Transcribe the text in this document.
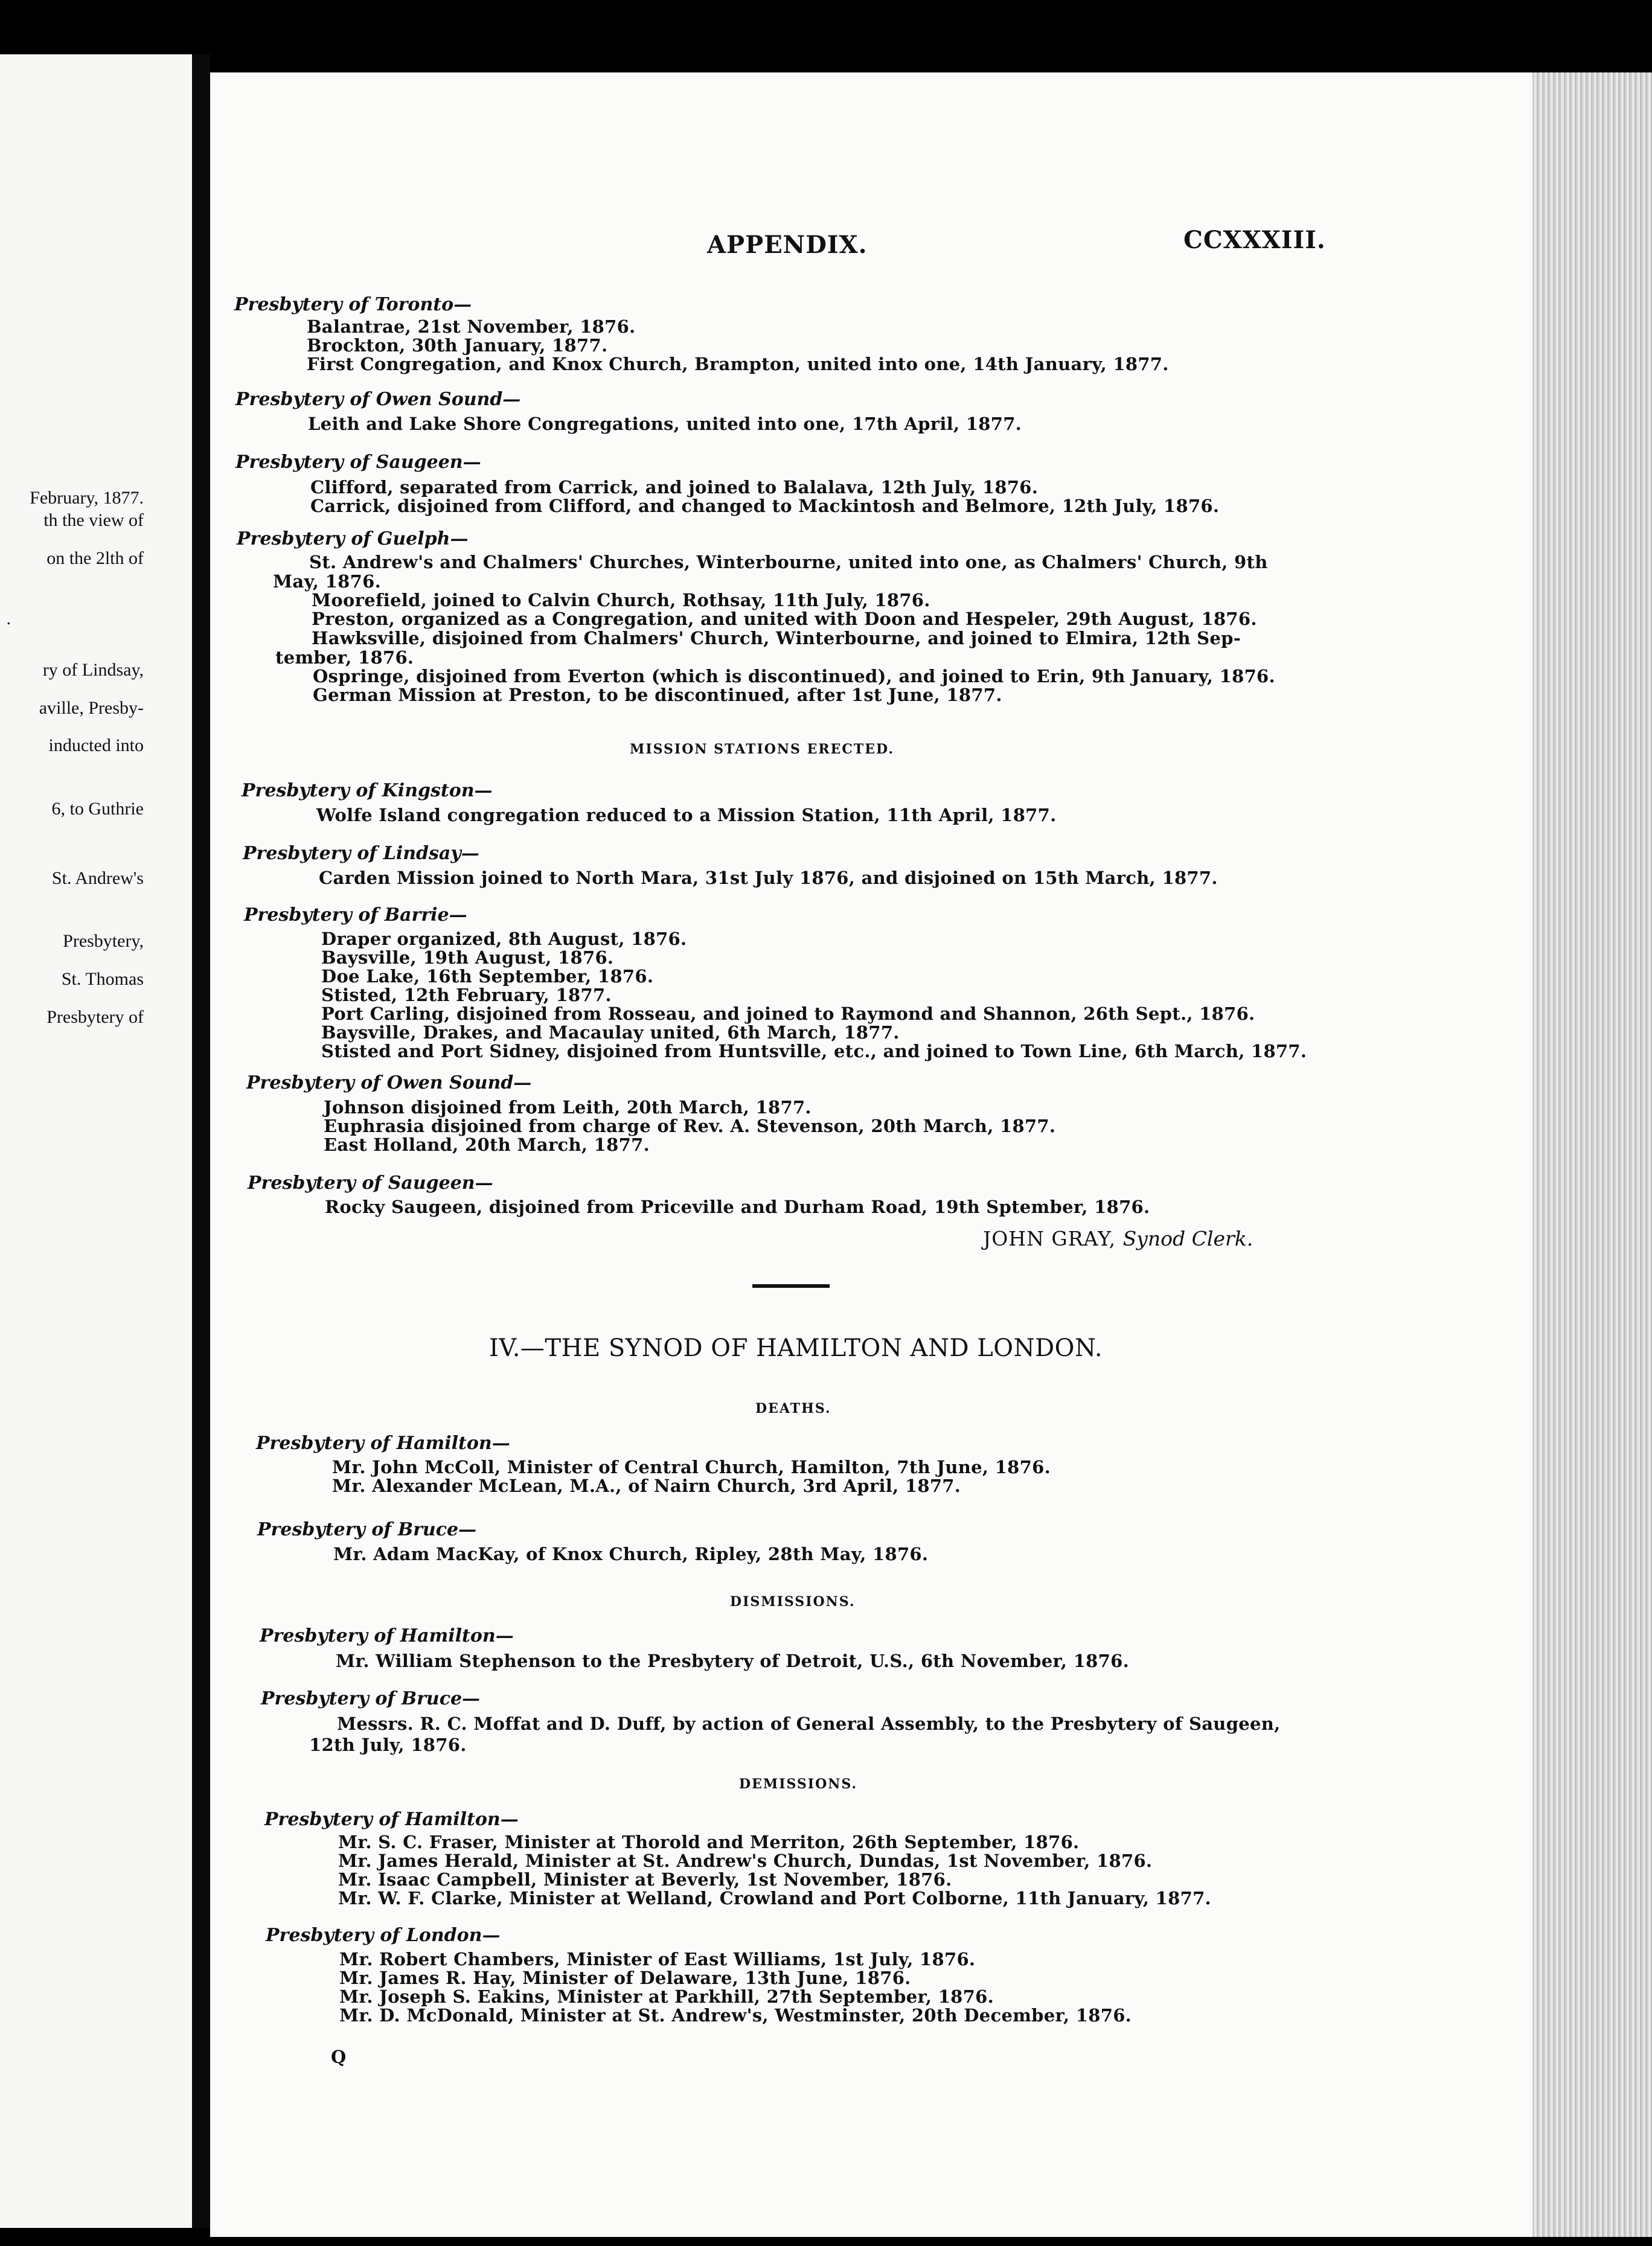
February, 1877.
th the view of
on the 2lth of
.
ry of Lindsay,
aville, Presby-
inducted into
6, to Guthrie
St. Andrew's
Presbytery,
St. Thomas
Presbytery of
APPENDIX.	CCXXXIII.
Presbytery of Toronto—
Balantrae, 21st November, 1876.
Brockton, 30th January, 1877.
First Congregation, and Knox Church, Brampton, united into one, 14th January, 1877.
Presbytery of Owen Sound—
Leith and Lake Shore Congregations, united into one, 17th April, 1877.
Presbytery of Saugeen—
Clifford, separated from Carrick, and joined to Balalava, 12th July, 1876.
Carrick, disjoined from Clifford, and changed to Mackintosh and Belmore, 12th July, 1876.
Presbytery of Guelph—
St. Andrew's and Chalmers' Churches, Winterbourne, united into one, as Chalmers' Church, 9th
May, 1876.
Moorefield, joined to Calvin Church, Rothsay, 11th July, 1876.
Preston, organized as a Congregation, and united with Doon and Hespeler, 29th August, 1876.
Hawksville, disjoined from Chalmers' Church, Winterbourne, and joined to Elmira, 12th Sep-
tember, 1876.
Ospringe, disjoined from Everton (which is discontinued), and joined to Erin, 9th January, 1876.
German Mission at Preston, to be discontinued, after 1st June, 1877.
MISSION STATIONS ERECTED.
Presbytery of Kingston—
Wolfe Island congregation reduced to a Mission Station, 11th April, 1877.
Presbytery of Lindsay—
Carden Mission joined to North Mara, 31st July 1876, and disjoined on 15th March, 1877.
Presbytery of Barrie—
Draper organized, 8th August, 1876.
Baysville, 19th August, 1876.
Doe Lake, 16th September, 1876.
Stisted, 12th February, 1877.
Port Carling, disjoined from Rosseau, and joined to Raymond and Shannon, 26th Sept., 1876.
Baysville, Drakes, and Macaulay united, 6th March, 1877.
Stisted and Port Sidney, disjoined from Huntsville, etc., and joined to Town Line, 6th March, 1877.
Presbytery of Owen Sound—
Johnson disjoined from Leith, 20th March, 1877.
Euphrasia disjoined from charge of Rev. A. Stevenson, 20th March, 1877.
East Holland, 20th March, 1877.
Presbytery of Saugeen—
Rocky Saugeen, disjoined from Priceville and Durham Road, 19th Sptember, 1876.
JOHN GRAY, Synod Clerk.
IV.—THE SYNOD OF HAMILTON AND LONDON.
DEATHS.
Presbytery of Hamilton—
Mr. John McColl, Minister of Central Church, Hamilton, 7th June, 1876.
Mr. Alexander McLean, M.A., of Nairn Church, 3rd April, 1877.
Presbytery of Bruce—
Mr. Adam MacKay, of Knox Church, Ripley, 28th May, 1876.
DISMISSIONS.
Presbytery of Hamilton—
Mr. William Stephenson to the Presbytery of Detroit, U.S., 6th November, 1876.
Presbytery of Bruce—
Messrs. R. C. Moffat and D. Duff, by action of General Assembly, to the Presbytery of Saugeen,
12th July, 1876.
DEMISSIONS.
Presbytery of Hamilton—
Mr. S. C. Fraser, Minister at Thorold and Merriton, 26th September, 1876.
Mr. James Herald, Minister at St. Andrew's Church, Dundas, 1st November, 1876.
Mr. Isaac Campbell, Minister at Beverly, 1st November, 1876.
Mr. W. F. Clarke, Minister at Welland, Crowland and Port Colborne, 11th January, 1877.
Presbytery of London—
Mr. Robert Chambers, Minister of East Williams, 1st July, 1876.
Mr. James R. Hay, Minister of Delaware, 13th June, 1876.
Mr. Joseph S. Eakins, Minister at Parkhill, 27th September, 1876.
Mr. D. McDonald, Minister at St. Andrew's, Westminster, 20th December, 1876.
Q
